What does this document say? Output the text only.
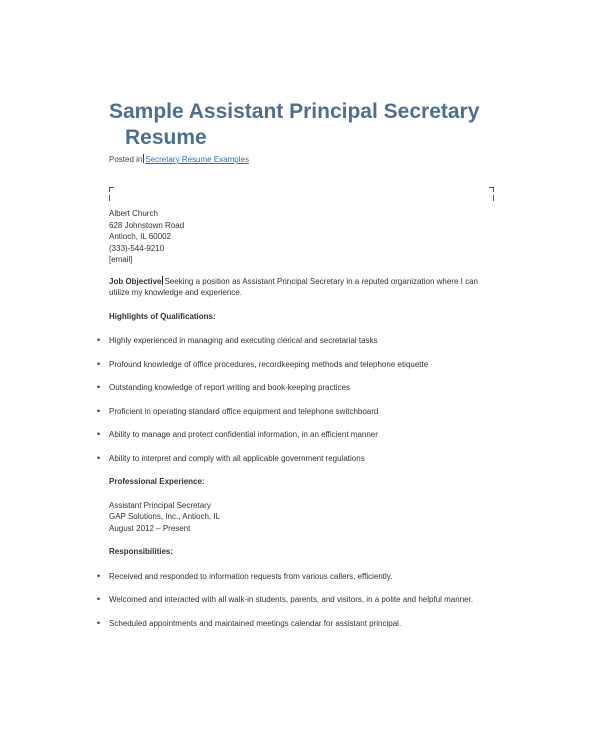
Sample Assistant Principal Secretary
Resume
Posted in Secretary Resume Examples

Albert Church

628 Johnstown Road

Antioch, IL 60002

(333)-544-9210

[email]

Job Objective Seeking a position as Assistant Principal Secretary in a reputed organization where I can utilize my knowledge and experience.

Highlights of Qualifications:

• Highly experienced in managing and executing clerical and secretarial tasks
• Profound knowledge of office procedures, recordkeeping methods and telephone etiquette
• Outstanding knowledge of report writing and book-keeping practices
• Proficient in operating standard office equipment and telephone switchboard
• Ability to manage and protect confidential information, in an efficient manner
• Ability to interpret and comply with all applicable government regulations

Professional Experience:

Assistant Principal Secretary

GAP Solutions, Inc., Antioch, IL

August 2012 – Present

Responsibilities:

• Received and responded to information requests from various callers, efficiently.
• Welcomed and interacted with all walk-in students, parents, and visitors, in a polite and helpful manner.
• Scheduled appointments and maintained meetings calendar for assistant principal.
